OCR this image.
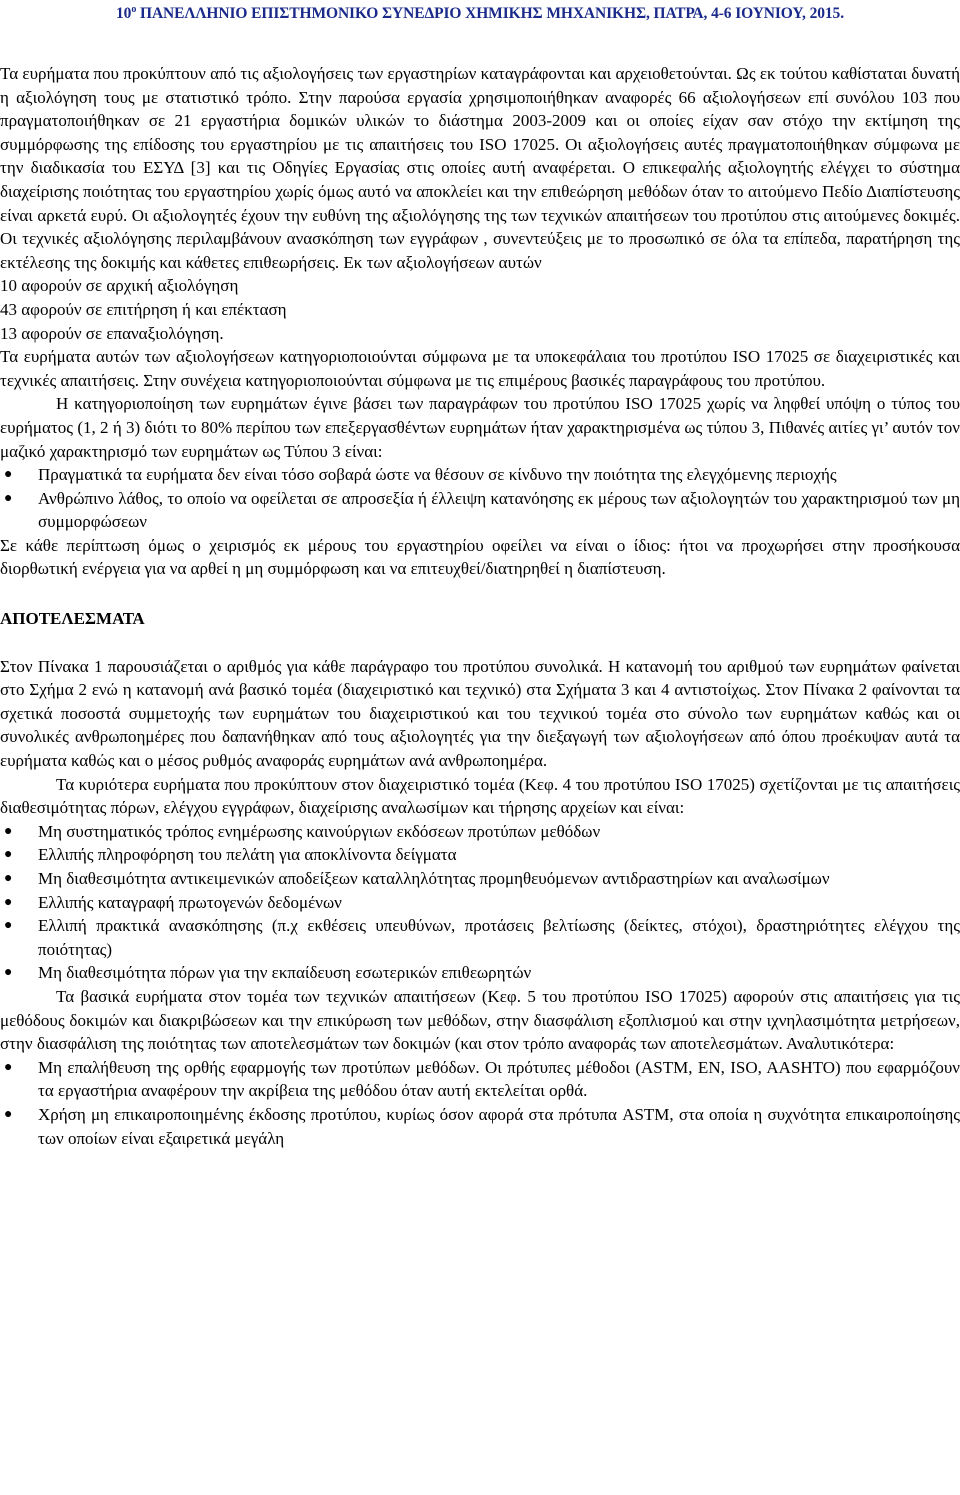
$10^o$ ΠΑΝΕΛΛΗΝΙΟ ΕΠΙΣΤΗΜΟΝΙΚΟ ΣΥΝΕΔΡΙΟ ΧΗΜΙΚΗΣ ΜΗΧΑΝΙΚΗΣ, ΠΑΤΡΑ, 4-6 ΙΟΥΝΙΟΥ, 2015.

Τα ευρήματα που προκύπτουν από τις αξιολογήσεις των εργαστηρίων καταγράφονται και αρχειοθετούνται. Ως εκ τούτου καθίσταται δυνατή η αξιολόγηση τους με στατιστικό τρόπο. Στην παρούσα εργασία χρησιμοποιήθηκαν αναφορές 66 αξιολογήσεων επί συνόλου 103 που πραγματοποιήθηκαν σε 21 εργαστήρια δομικών υλικών το διάστημα 2003-2009 και οι οποίες είχαν σαν στόχο την εκτίμηση της συμμόρφωσης της επίδοσης του εργαστηρίου με τις απαιτήσεις του ISO 17025. Οι αξιολογήσεις αυτές πραγματοποιήθηκαν σύμφωνα με την διαδικασία του ΕΣΥΔ [3] και τις Οδηγίες Εργασίας στις οποίες αυτή αναφέρεται. Ο επικεφαλής αξιολογητής ελέγχει το σύστημα διαχείρισης ποιότητας του εργαστηρίου χωρίς όμως αυτό να αποκλείει και την επιθεώρηση μεθόδων όταν το αιτούμενο Πεδίο Διαπίστευσης είναι αρκετά ευρύ. Οι αξιολογητές έχουν την ευθύνη της αξιολόγησης της των τεχνικών απαιτήσεων του προτύπου στις αιτούμενες δοκιμές. Οι τεχνικές αξιολόγησης περιλαμβάνουν ανασκόπηση των εγγράφων , συνεντεύξεις με το προσωπικό σε όλα τα επίπεδα, παρατήρηση της εκτέλεσης της δοκιμής και κάθετες επιθεωρήσεις. Εκ των αξιολογήσεων αυτών

10 αφορούν σε αρχική αξιολόγηση

43 αφορούν σε επιτήρηση ή και επέκταση

13 αφορούν σε επαναξιολόγηση.

Τα ευρήματα αυτών των αξιολογήσεων κατηγοριοποιούνται σύμφωνα με τα υποκεφάλαια του προτύπου ISO 17025 σε διαχειριστικές και τεχνικές απαιτήσεις. Στην συνέχεια κατηγοριοποιούνται σύμφωνα με τις επιμέρους βασικές παραγράφους του προτύπου.

Η κατηγοριοποίηση των ευρημάτων έγινε βάσει των παραγράφων του προτύπου ISO 17025 χωρίς να ληφθεί υπόψη ο τύπος του ευρήματος (1, 2 ή 3) διότι το 80% περίπου των επεξεργασθέντων ευρημάτων ήταν χαρακτηρισμένα ως τύπου 3, Πιθανές αιτίες γι’ αυτόν τον μαζικό χαρακτηρισμό των ευρημάτων ως Τύπου 3 είναι:

● Πραγματικά τα ευρήματα δεν είναι τόσο σοβαρά ώστε να θέσουν σε κίνδυνο την ποιότητα της ελεγχόμενης περιοχής
● Ανθρώπινο λάθος, το οποίο να οφείλεται σε απροσεξία ή έλλειψη κατανόησης εκ μέρους των αξιολογητών του χαρακτηρισμού των μη συμμορφώσεων

Σε κάθε περίπτωση όμως ο χειρισμός εκ μέρους του εργαστηρίου οφείλει να είναι ο ίδιος: ήτοι να προχωρήσει στην προσήκουσα διορθωτική ενέργεια για να αρθεί η μη συμμόρφωση και να επιτευχθεί/διατηρηθεί η διαπίστευση.

ΑΠΟΤΕΛΕΣΜΑΤΑ

Στον Πίνακα 1 παρουσιάζεται ο αριθμός για κάθε παράγραφο του προτύπου συνολικά. Η κατανομή του αριθμού των ευρημάτων φαίνεται στο Σχήμα 2 ενώ η κατανομή ανά βασικό τομέα (διαχειριστικό και τεχνικό) στα Σχήματα 3 και 4 αντιστοίχως. Στον Πίνακα 2 φαίνονται τα σχετικά ποσοστά συμμετοχής των ευρημάτων του διαχειριστικού και του τεχνικού τομέα στο σύνολο των ευρημάτων καθώς και οι συνολικές ανθρωποημέρες που δαπανήθηκαν από τους αξιολογητές για την διεξαγωγή των αξιολογήσεων από όπου προέκυψαν αυτά τα ευρήματα καθώς και ο μέσος ρυθμός αναφοράς ευρημάτων ανά ανθρωποημέρα.

Τα κυριότερα ευρήματα που προκύπτουν στον διαχειριστικό τομέα (Κεφ. 4 του προτύπου ISO 17025) σχετίζονται με τις απαιτήσεις διαθεσιμότητας πόρων, ελέγχου εγγράφων, διαχείρισης αναλωσίμων και τήρησης αρχείων και είναι:

● Μη συστηματικός τρόπος ενημέρωσης καινούργιων εκδόσεων προτύπων μεθόδων
● Ελλιπής πληροφόρηση του πελάτη για αποκλίνοντα δείγματα
● Μη διαθεσιμότητα αντικειμενικών αποδείξεων καταλληλότητας προμηθευόμενων αντιδραστηρίων και αναλωσίμων
● Ελλιπής καταγραφή πρωτογενών δεδομένων
● Ελλιπή πρακτικά ανασκόπησης (π.χ εκθέσεις υπευθύνων, προτάσεις βελτίωσης (δείκτες, στόχοι), δραστηριότητες ελέγχου της ποιότητας)
● Μη διαθεσιμότητα πόρων για την εκπαίδευση εσωτερικών επιθεωρητών

Τα βασικά ευρήματα στον τομέα των τεχνικών απαιτήσεων (Κεφ. 5 του προτύπου ISO 17025) αφορούν στις απαιτήσεις για τις μεθόδους δοκιμών και διακριβώσεων και την επικύρωση των μεθόδων, στην διασφάλιση εξοπλισμού και στην ιχνηλασιμότητα μετρήσεων, στην διασφάλιση της ποιότητας των αποτελεσμάτων των δοκιμών (και στον τρόπο αναφοράς των αποτελεσμάτων. Αναλυτικότερα:

● Μη επαλήθευση της ορθής εφαρμογής των προτύπων μεθόδων. Οι πρότυπες μέθοδοι (ASTM, EN, ISO, AASHTO) που εφαρμόζουν τα εργαστήρια αναφέρουν την ακρίβεια της μεθόδου όταν αυτή εκτελείται ορθά.
● Χρήση μη επικαιροποιημένης έκδοσης προτύπου, κυρίως όσον αφορά στα πρότυπα ASTM, στα οποία η συχνότητα επικαιροποίησης των οποίων είναι εξαιρετικά μεγάλη
